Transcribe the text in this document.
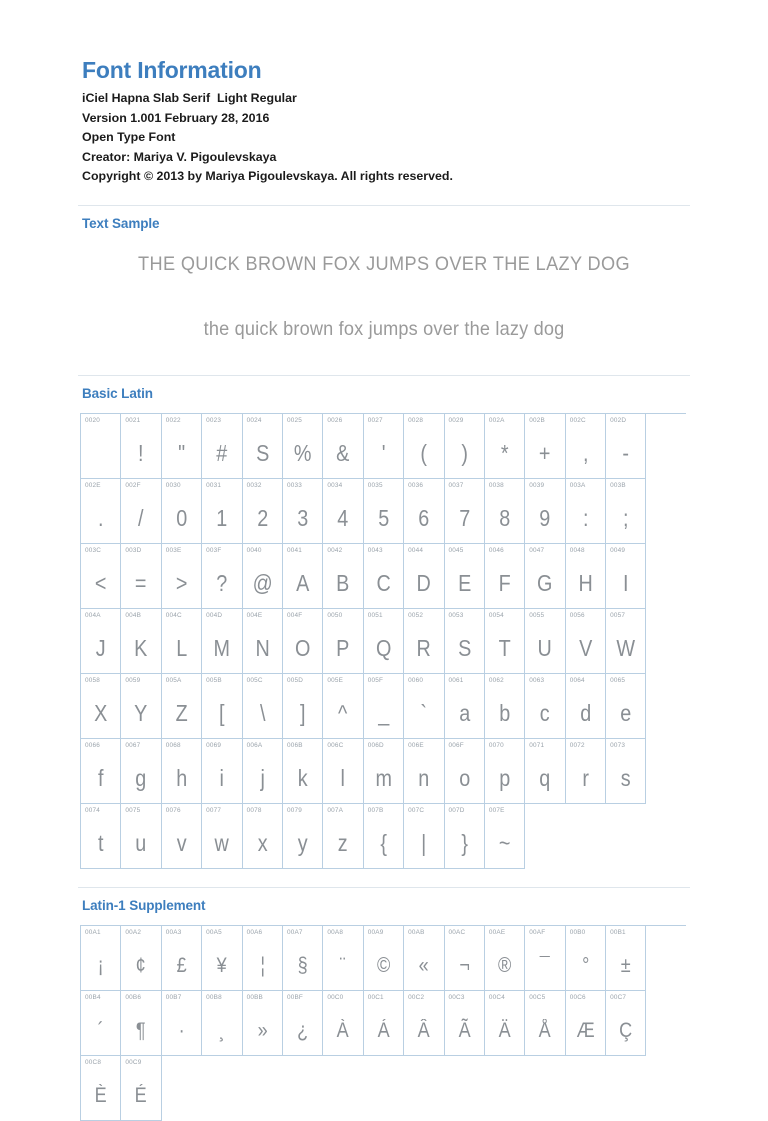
Font Information

iCiel Hapna Slab Serif  Light Regular

Version 1.001 February 28, 2016

Open Type Font

Creator: Mariya V. Pigoulevskaya

Copyright © 2013 by Mariya Pigoulevskaya. All rights reserved.

Text Sample
THE QUICK BROWN FOX JUMPS OVER THE LAZY DOG
the quick brown fox jumps over the lazy dog
Basic Latin
0020	0021
!
0022
"
0023
#
0024
S
0025
%
0026
&
0027
'
0028
(
0029
)
002A
*
002B
+
002C
,
002D
-
002E
.
002F
/
0030
0
0031
1
0032
2
0033
3
0034
4
0035
5
0036
6
0037
7
0038
8
0039
9
003A
:
003B
;
003C
<
003D
=
003E
>
003F
?
0040
@
0041
A
0042
B
0043
C
0044
D
0045
E
0046
F
0047
G
0048
H
0049
I
004A
J
004B
K
004C
L
004D
M
004E
N
004F
O
0050
P
0051
Q
0052
R
0053
S
0054
T
0055
U
0056
V
0057
W
0058
X
0059
Y
005A
Z
005B
[
005C
\
005D
]
005E
^
005F
_
0060
`
0061
a
0062
b
0063
c
0064
d
0065
e
0066
f
0067
g
0068
h
0069
i
006A
j
006B
k
006C
l
006D
m
006E
n
006F
o
0070
p
0071
q
0072
r
0073
s
0074
t
0075
u
0076
v
0077
w
0078
x
0079
y
007A
z
007B
{
007C
|
007D
}
007E
~
Latin-1 Supplement
00A1
¡
00A2
¢
00A3
£
00A5
¥
00A6
¦
00A7
§
00A8
¨
00A9
©
00AB
«
00AC
¬
00AE
®
00AF
¯
00B0
°
00B1
±
00B4
´
00B6
¶
00B7
·
00B8
¸
00BB
»
00BF
¿
00C0
À
00C1
Á
00C2
Â
00C3
Ã
00C4
Ä
00C5
Å
00C6
Æ
00C7
Ç
00C8
È
00C9
É
